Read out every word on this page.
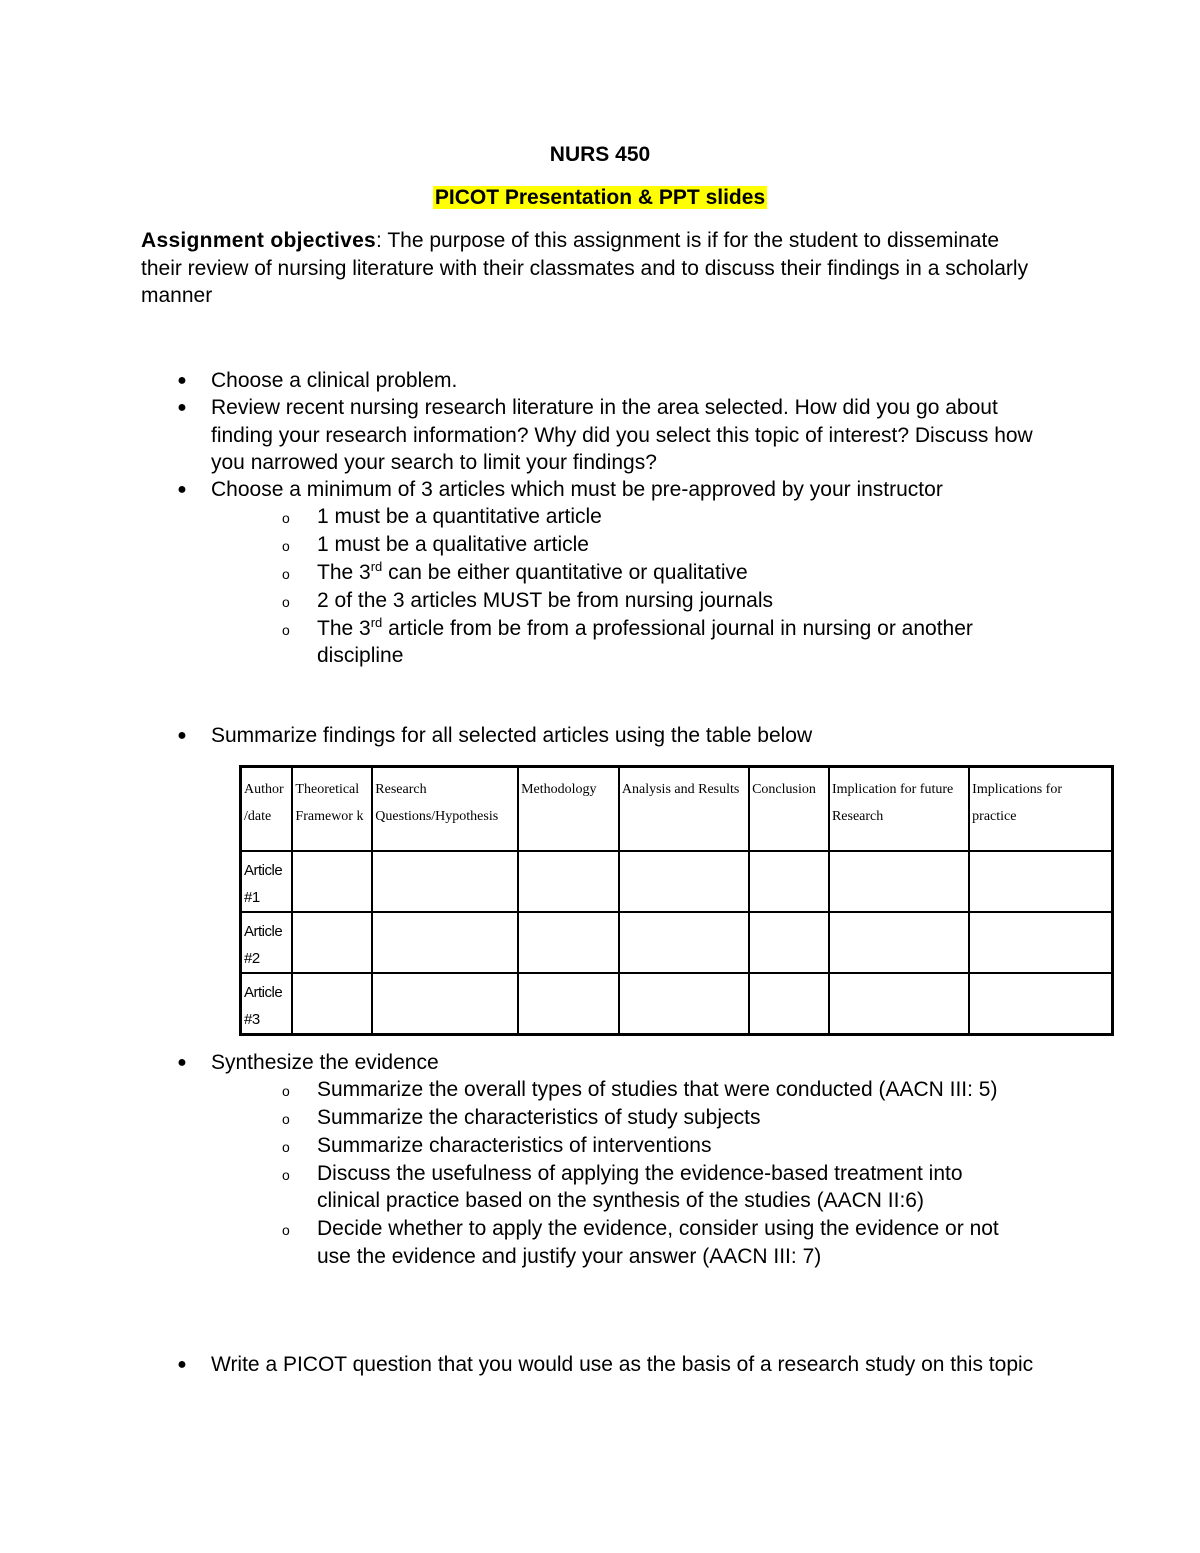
NURS 450
PICOT Presentation & PPT slides
Assignment objectives: The purpose of this assignment is if for the student to disseminate their review of nursing literature with their classmates and to discuss their findings in a scholarly manner
● Choose a clinical problem.
● Review recent nursing research literature in the area selected. How did you go about finding your research information? Why did you select this topic of interest? Discuss how you narrowed your search to limit your findings?
● Choose a minimum of 3 articles which must be pre-approved by your instructor
o 1 must be a quantitative article
o 1 must be a qualitative article
o The 3rd can be either quantitative or qualitative
o 2 of the 3 articles MUST be from nursing journals
o The 3rd article from be from a professional journal in nursing or another discipline
● Summarize findings for all selected articles using the table below
Author /date	Theoretical Framewor k	Research Questions/Hypothesis	Methodology	Analysis and Results	Conclusion	Implication for future Research	Implications for practice
Article #1							
Article #2							
Article #3							
● Synthesize the evidence
o Summarize the overall types of studies that were conducted (AACN III: 5)
o Summarize the characteristics of study subjects
o Summarize characteristics of interventions
o Discuss the usefulness of applying the evidence-based treatment into clinical practice based on the synthesis of the studies (AACN II:6)
o Decide whether to apply the evidence, consider using the evidence or not use the evidence and justify your answer (AACN III: 7)
● Write a PICOT question that you would use as the basis of a research study on this topic
